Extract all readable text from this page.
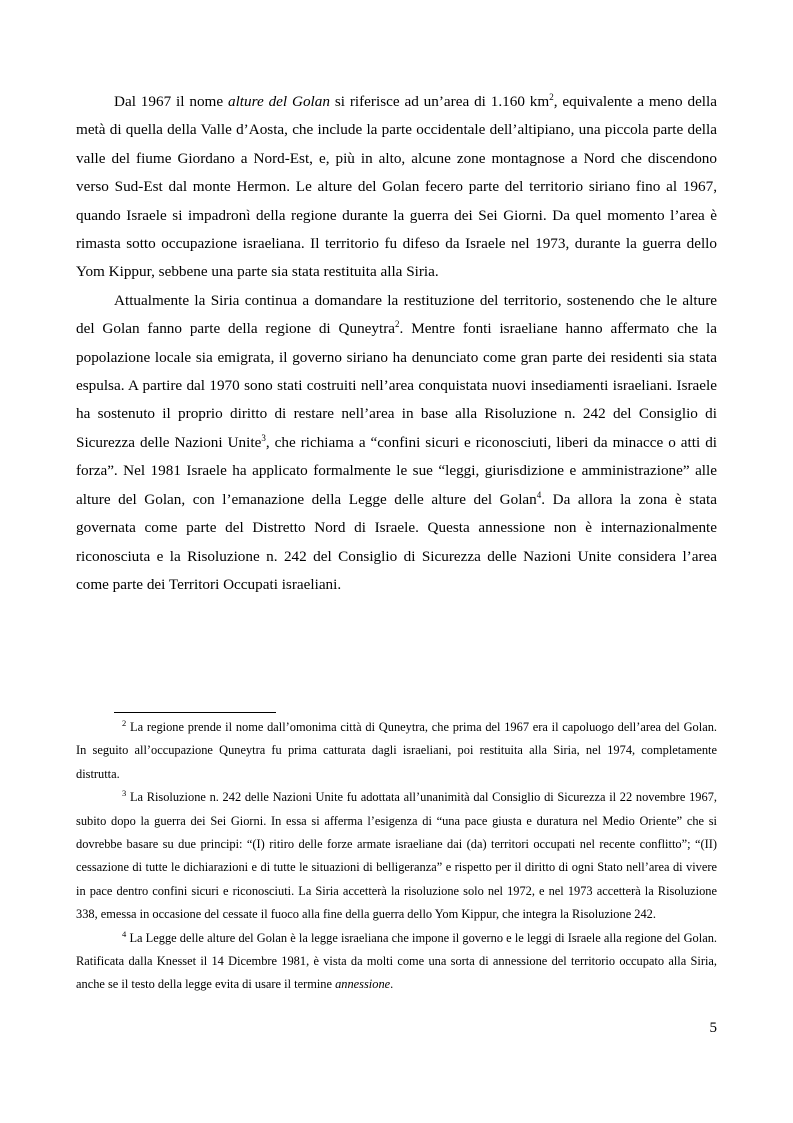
Dal 1967 il nome alture del Golan si riferisce ad un’area di 1.160 $km^2$, equivalente a meno della metà di quella della Valle d’Aosta, che include la parte occidentale dell’altipiano, una piccola parte della valle del fiume Giordano a Nord-Est, e, più in alto, alcune zone montagnose a Nord che discendono verso Sud-Est dal monte Hermon. Le alture del Golan fecero parte del territorio siriano fino al 1967, quando Israele si impadronì della regione durante la guerra dei Sei Giorni. Da quel momento l’area è rimasta sotto occupazione israeliana. Il territorio fu difeso da Israele nel 1973, durante la guerra dello Yom Kippur, sebbene una parte sia stata restituita alla Siria.

Attualmente la Siria continua a domandare la restituzione del territorio, sostenendo che le alture del Golan fanno parte della regione di Quneytra$^2$. Mentre fonti israeliane hanno affermato che la popolazione locale sia emigrata, il governo siriano ha denunciato come gran parte dei residenti sia stata espulsa. A partire dal 1970 sono stati costruiti nell’area conquistata nuovi insediamenti israeliani. Israele ha sostenuto il proprio diritto di restare nell’area in base alla Risoluzione n. 242 del Consiglio di Sicurezza delle Nazioni Unite$^3$, che richiama a “confini sicuri e riconosciuti, liberi da minacce o atti di forza”. Nel 1981 Israele ha applicato formalmente le sue “leggi, giurisdizione e amministrazione” alle alture del Golan, con l’emanazione della Legge delle alture del Golan$^4$. Da allora la zona è stata governata come parte del Distretto Nord di Israele. Questa annessione non è internazionalmente riconosciuta e la Risoluzione n. 242 del Consiglio di Sicurezza delle Nazioni Unite considera l’area come parte dei Territori Occupati israeliani.

$^2$ La regione prende il nome dall’omonima città di Quneytra, che prima del 1967 era il capoluogo dell’area del Golan. In seguito all’occupazione Quneytra fu prima catturata dagli israeliani, poi restituita alla Siria, nel 1974, completamente distrutta.

$^3$ La Risoluzione n. 242 delle Nazioni Unite fu adottata all’unanimità dal Consiglio di Sicurezza il 22 novembre 1967, subito dopo la guerra dei Sei Giorni. In essa si afferma l’esigenza di “una pace giusta e duratura nel Medio Oriente” che si dovrebbe basare su due principi: “(I) ritiro delle forze armate israeliane dai (da) territori occupati nel recente conflitto”; “(II) cessazione di tutte le dichiarazioni e di tutte le situazioni di belligeranza” e rispetto per il diritto di ogni Stato nell’area di vivere in pace dentro confini sicuri e riconosciuti. La Siria accetterà la risoluzione solo nel 1972, e nel 1973 accetterà la Risoluzione 338, emessa in occasione del cessate il fuoco alla fine della guerra dello Yom Kippur, che integra la Risoluzione 242.

$^4$ La Legge delle alture del Golan è la legge israeliana che impone il governo e le leggi di Israele alla regione del Golan. Ratificata dalla Knesset il 14 Dicembre 1981, è vista da molti come una sorta di annessione del territorio occupato alla Siria, anche se il testo della legge evita di usare il termine annessione.

5
